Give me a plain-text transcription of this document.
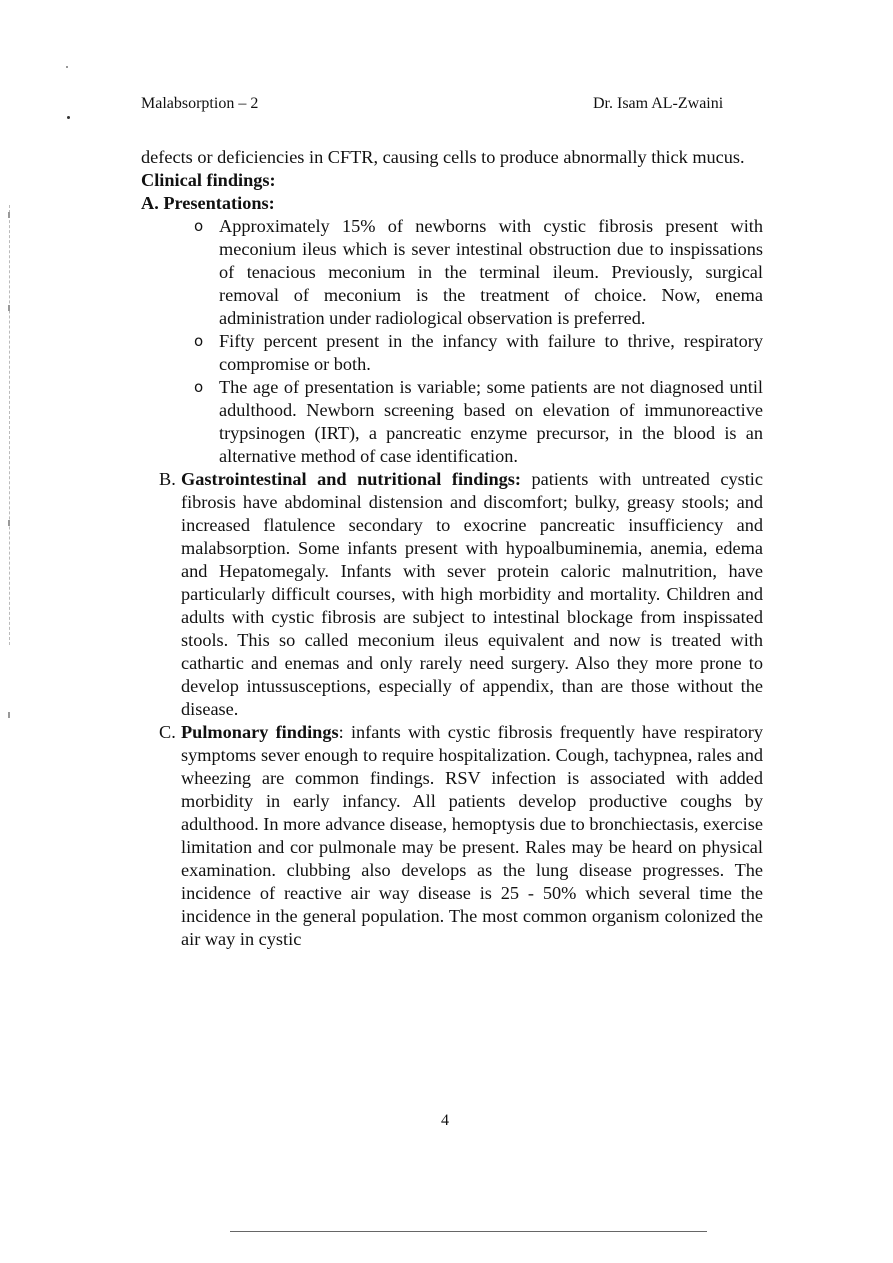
Malabsorption – 2	Dr. Isam AL-Zwaini

defects or deficiencies in CFTR, causing cells to produce abnormally thick mucus.

Clinical findings:

A. Presentations:

o Approximately 15% of newborns with cystic fibrosis present with meconium ileus which is sever intestinal obstruction due to inspissations of tenacious meconium in the terminal ileum. Previously, surgical removal of meconium is the treatment of choice. Now, enema administration under radiological observation is preferred.
o Fifty percent present in the infancy with failure to thrive, respiratory compromise or both.
o The age of presentation is variable; some patients are not diagnosed until adulthood. Newborn screening based on elevation of immunoreactive trypsinogen (IRT), a pancreatic enzyme precursor, in the blood is an alternative method of case identification.

B. Gastrointestinal and nutritional findings: patients with untreated cystic fibrosis have abdominal distension and discomfort; bulky, greasy stools; and increased flatulence secondary to exocrine pancreatic insufficiency and malabsorption. Some infants present with hypoalbuminemia, anemia, edema and Hepatomegaly. Infants with sever protein caloric malnutrition, have particularly difficult courses, with high morbidity and mortality. Children and adults with cystic fibrosis are subject to intestinal blockage from inspissated stools. This so called meconium ileus equivalent and now is treated with cathartic and enemas and only rarely need surgery. Also they more prone to develop intussusceptions, especially of appendix, than are those without the disease.

C. Pulmonary findings: infants with cystic fibrosis frequently have respiratory symptoms sever enough to require hospitalization. Cough, tachypnea, rales and wheezing are common findings. RSV infection is associated with added morbidity in early infancy. All patients develop productive coughs by adulthood. In more advance disease, hemoptysis due to bronchiectasis, exercise limitation and cor pulmonale may be present. Rales may be heard on physical examination. clubbing also develops as the lung disease progresses. The incidence of reactive air way disease is 25 - 50% which several time the incidence in the general population. The most common organism colonized the air way in cystic

4
